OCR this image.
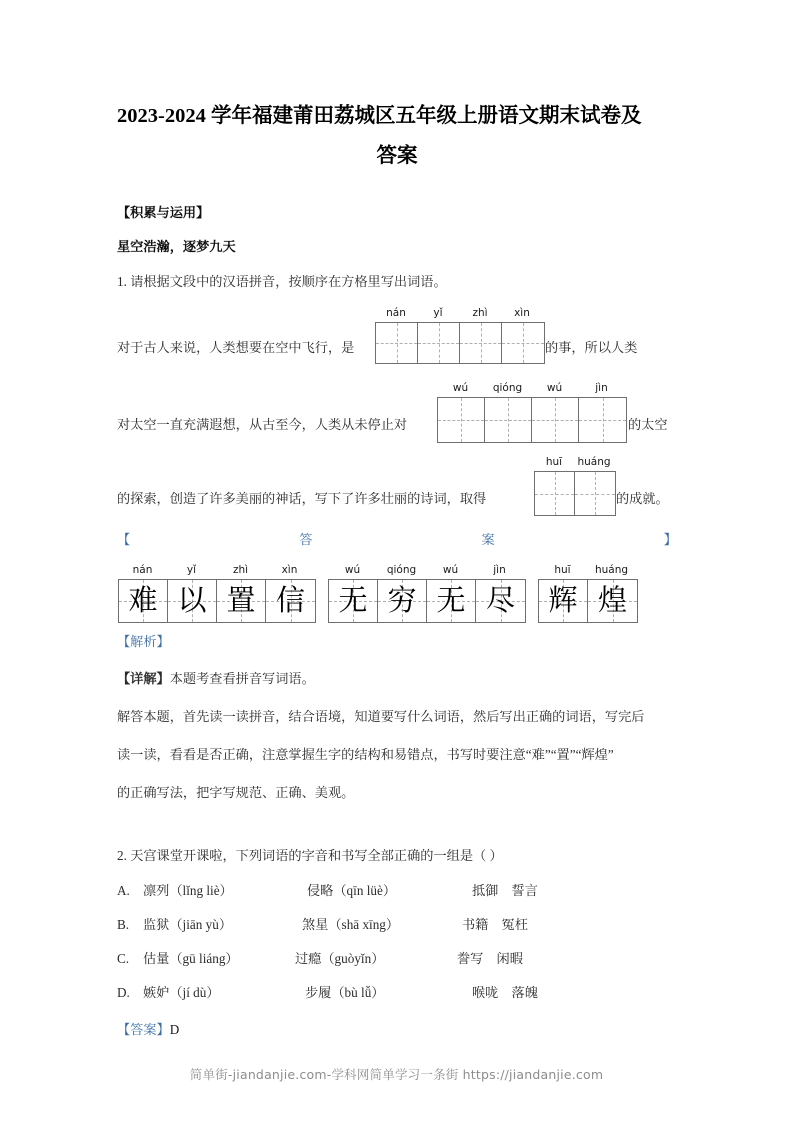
2023-2024 学年福建莆田荔城区五年级上册语文期末试卷及
答案

【积累与运用】

星空浩瀚，逐梦九天

1. 请根据文段中的汉语拼音，按顺序在方格里写出词语。

nán	yǐ	zhì	xìn
对于古人来说，人类想要在空中飞行，是	的事，所以人类
wú	qióng	wú	jìn
对太空一直充满遐想，从古至今，人类从未停止对	的太空
huī	huáng
的探索，创造了许多美丽的神话，写下了许多壮丽的诗词，取得	的成就。
【	答	案	】
nán	yǐ	zhì	xìn
难 以 置 信
wú	qióng	wú	jìn
无 穷 无 尽
huī	huáng
辉 煌

【解析】

【详解】本题考查看拼音写词语。

解答本题，首先读一读拼音，结合语境，知道要写什么词语，然后写出正确的词语，写完后

读一读，看看是否正确，注意掌握生字的结构和易错点，书写时要注意“难”“置”“辉煌”

的正确写法，把字写规范、正确、美观。

2. 天宫课堂开课啦，下列词语的字音和书写全部正确的一组是（ ）

A. 凛列（lǐng liè）	侵略（qīn lüè）	抵御　誓言
B. 监狱（jiān yù）	煞星（shā xīng）	书籍　冤枉
C. 估量（gū liáng）	过瘾（guòyǐn）	誊写　闲暇
D. 嫉妒（jí dù）	步履（bù lǚ）	喉咙　落魄

【答案】D

简单街-jiandanjie.com-学科网简单学习一条街 https://jiandanjie.com
